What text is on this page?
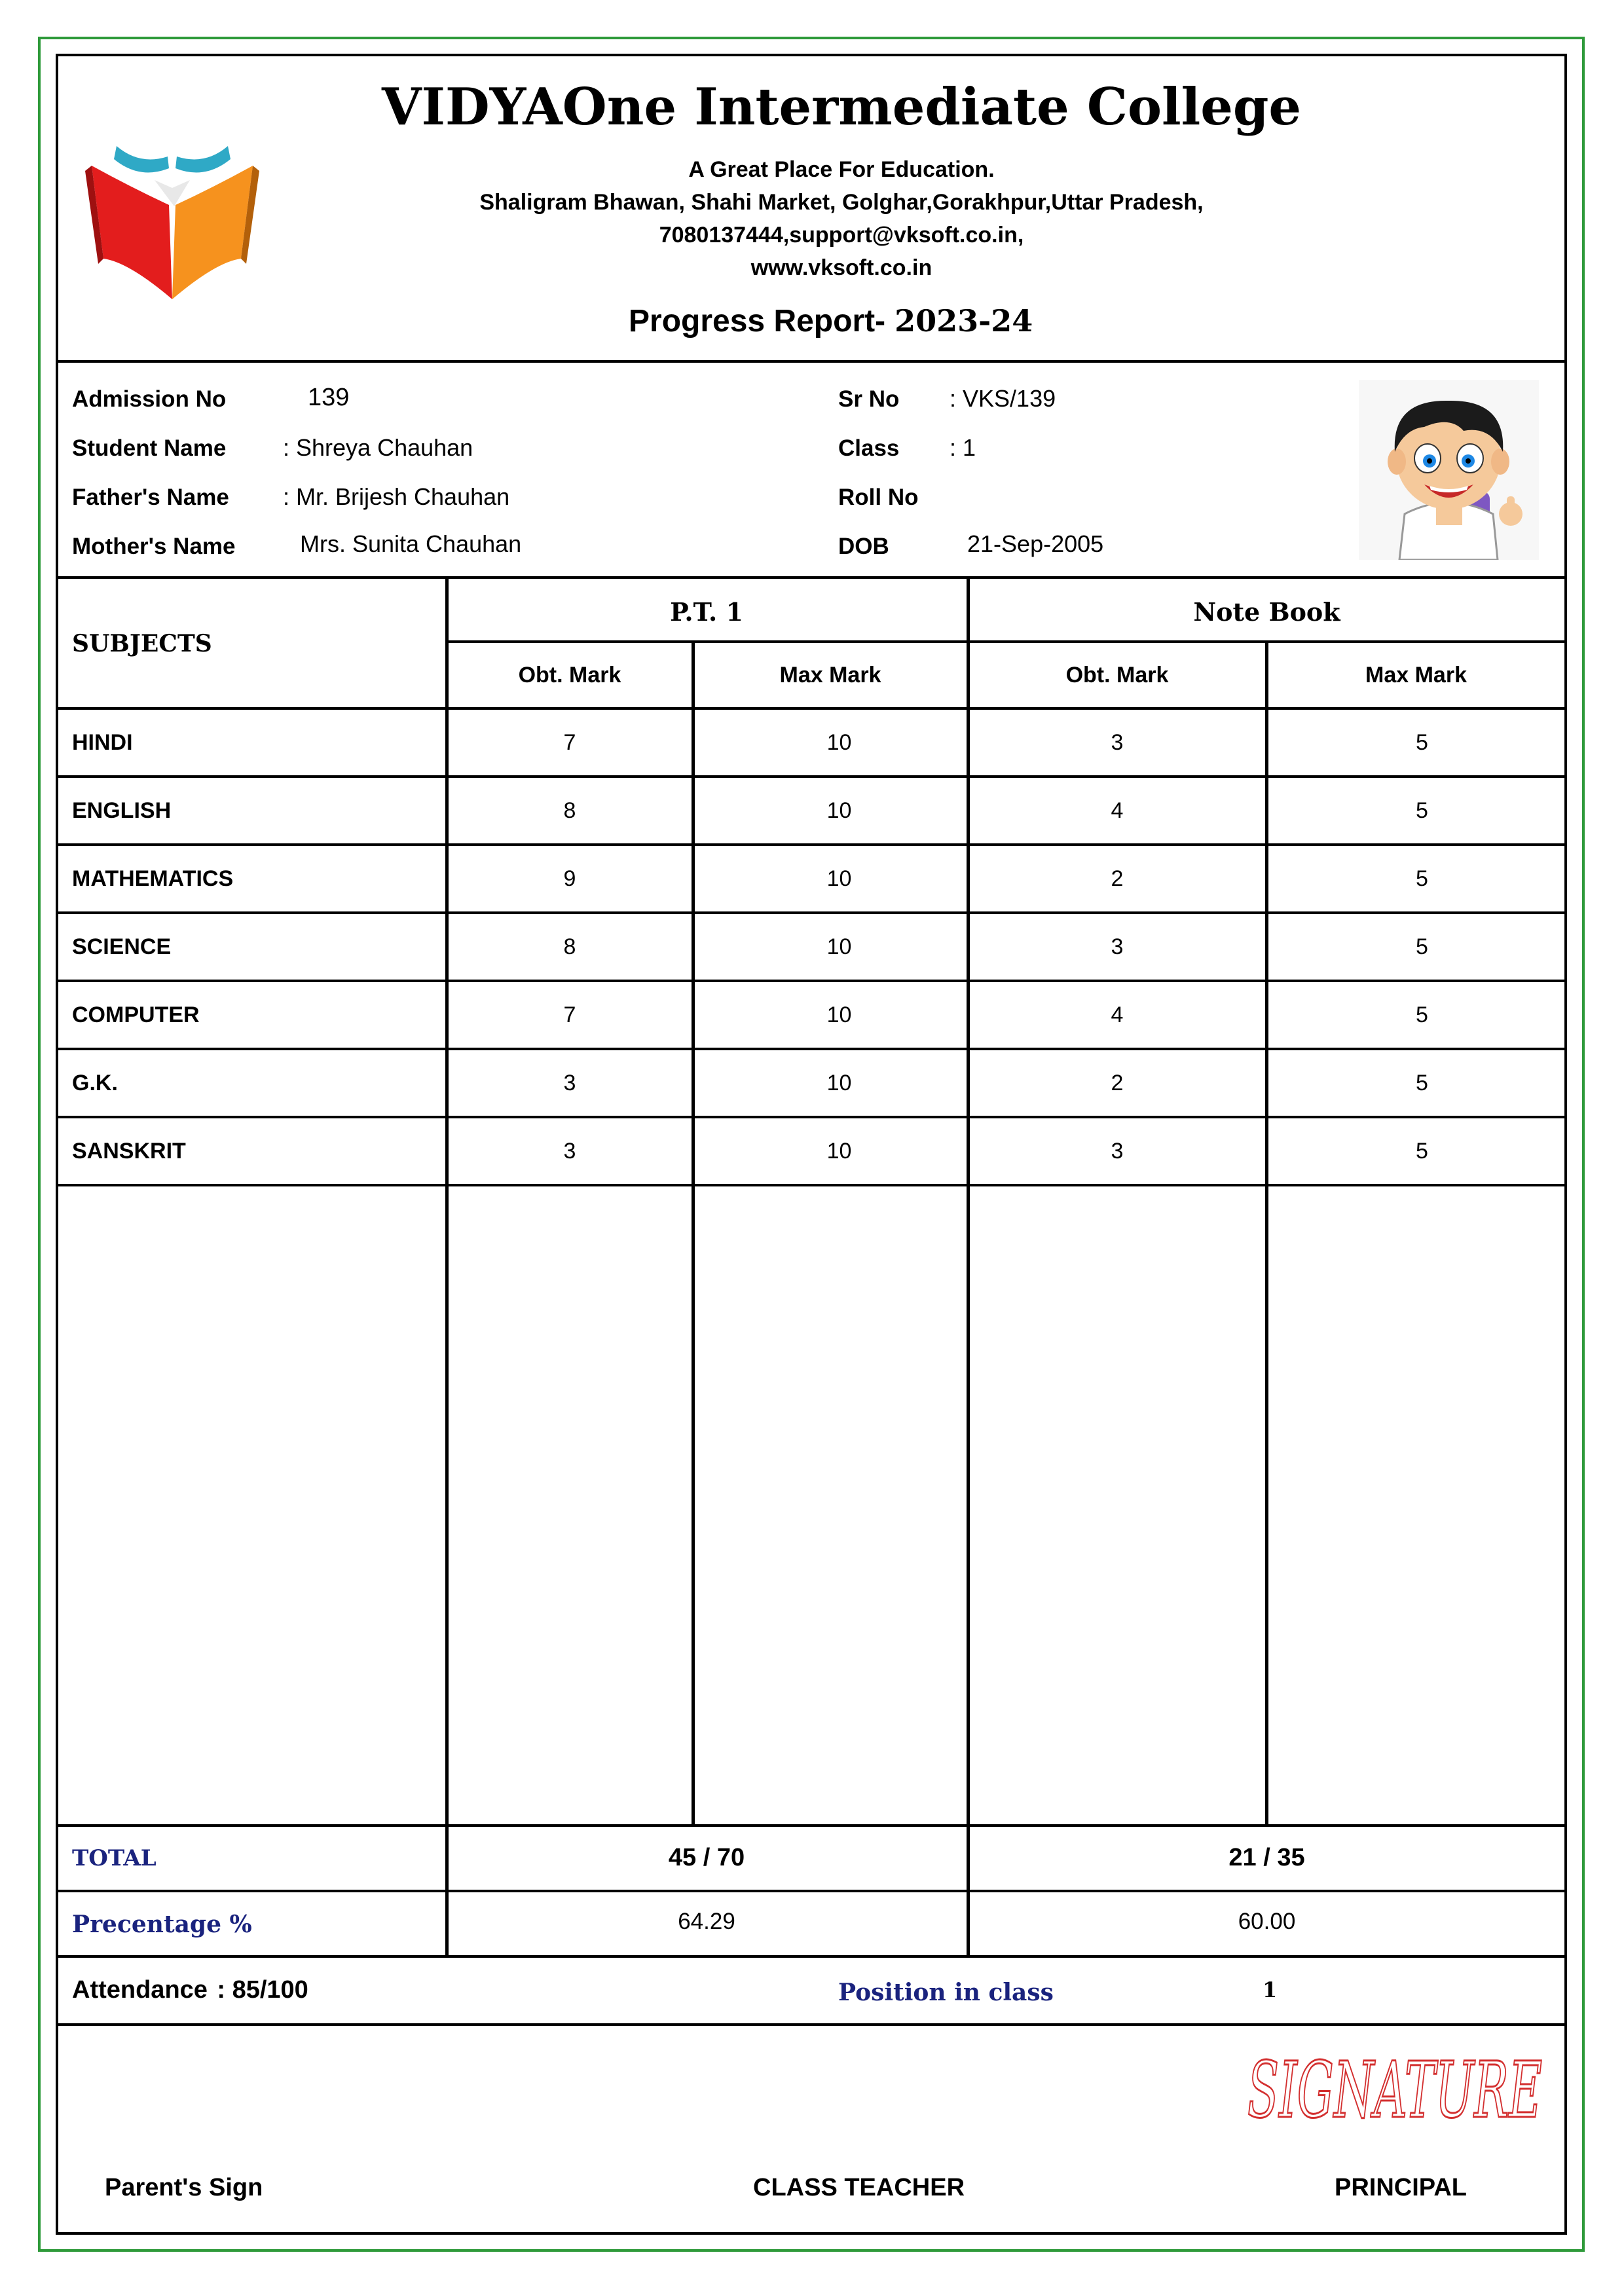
VIDYAOne Intermediate College
A Great Place For Education.
Shaligram Bhawan, Shahi Market, Golghar,Gorakhpur,Uttar Pradesh,
7080137444,support@vksoft.co.in,
www.vksoft.co.in
Progress Report- 2023-24
Admission No	139
Student Name : Shreya Chauhan
Father's Name : Mr. Brijesh Chauhan
Mother's Name	Mrs. Sunita Chauhan
Sr No : VKS/139
Class : 1
Roll No
DOB	21-Sep-2005
SUBJECTS
P.T. 1	Note Book
Obt. Mark	Max Mark	Obt. Mark	Max Mark
HINDI	7	10	3	5
ENGLISH	8	10	4	5
MATHEMATICS	9	10	2	5
SCIENCE	8	10	3	5
COMPUTER	7	10	4	5
G.K.	3	10	2	5
SANSKRIT	3	10	3	5
TOTAL	45 / 70	21 / 35
Precentage %	64.29	60.00
Attendance : 85/100	Position in class	1
SIGNATURE
Parent's Sign	CLASS TEACHER	PRINCIPAL
